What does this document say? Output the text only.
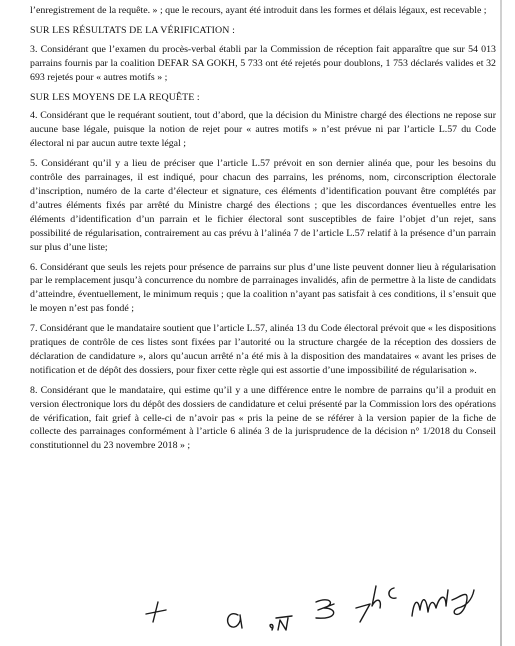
l’enregistrement de la requête. » ; que le recours, ayant été introduit dans les formes et délais légaux, est recevable ;

SUR LES RÉSULTATS DE LA VÉRIFICATION :

3. Considérant que l’examen du procès-verbal établi par la Commission de réception fait apparaître que sur 54 013 parrains fournis par la coalition DEFAR SA GOKH, 5 733 ont été rejetés pour doublons, 1 753 déclarés valides et 32 693 rejetés pour « autres motifs » ;

SUR LES MOYENS DE LA REQUÊTE :

4. Considérant que le requérant soutient, tout d’abord, que la décision du Ministre chargé des élections ne repose sur aucune base légale, puisque la notion de rejet pour « autres motifs » n’est prévue ni par l’article L.57 du Code électoral ni par aucun autre texte légal ;

5. Considérant qu’il y a lieu de préciser que l’article L.57 prévoit en son dernier alinéa que, pour les besoins du contrôle des parrainages, il est indiqué, pour chacun des parrains, les prénoms, nom, circonscription électorale d’inscription, numéro de la carte d’électeur et signature, ces éléments d’identification pouvant être complétés par d’autres éléments fixés par arrêté du Ministre chargé des élections ; que les discordances éventuelles entre les éléments d’identification d’un parrain et le fichier électoral sont susceptibles de faire l’objet d’un rejet, sans possibilité de régularisation, contrairement au cas prévu à l’alinéa 7 de l’article L.57 relatif à la présence d’un parrain sur plus d’une liste;

6. Considérant que seuls les rejets pour présence de parrains sur plus d’une liste peuvent donner lieu à régularisation par le remplacement jusqu’à concurrence du nombre de parrainages invalidés, afin de permettre à la liste de candidats d’atteindre, éventuellement, le minimum requis ; que la coalition n’ayant pas satisfait à ces conditions, il s’ensuit que le moyen n’est pas fondé ;

7. Considérant que le mandataire soutient que l’article L.57, alinéa 13 du Code électoral prévoit que « les dispositions pratiques de contrôle de ces listes sont fixées par l’autorité ou la structure chargée de la réception des dossiers de déclaration de candidature », alors qu’aucun arrêté n’a été mis à la disposition des mandataires « avant les prises de notification et de dépôt des dossiers, pour fixer cette règle qui est assortie d’une impossibilité de régularisation ».

8. Considérant que le mandataire, qui estime qu’il y a une différence entre le nombre de parrains qu’il a produit en version électronique lors du dépôt des dossiers de candidature et celui présenté par la Commission lors des opérations de vérification, fait grief à celle-ci de n’avoir pas « pris la peine de se référer à la version papier de la fiche de collecte des parrainages conformément à l’article 6 alinéa 3 de la jurisprudence de la décision n° 1/2018 du Conseil constitutionnel du 23 novembre 2018 » ;
